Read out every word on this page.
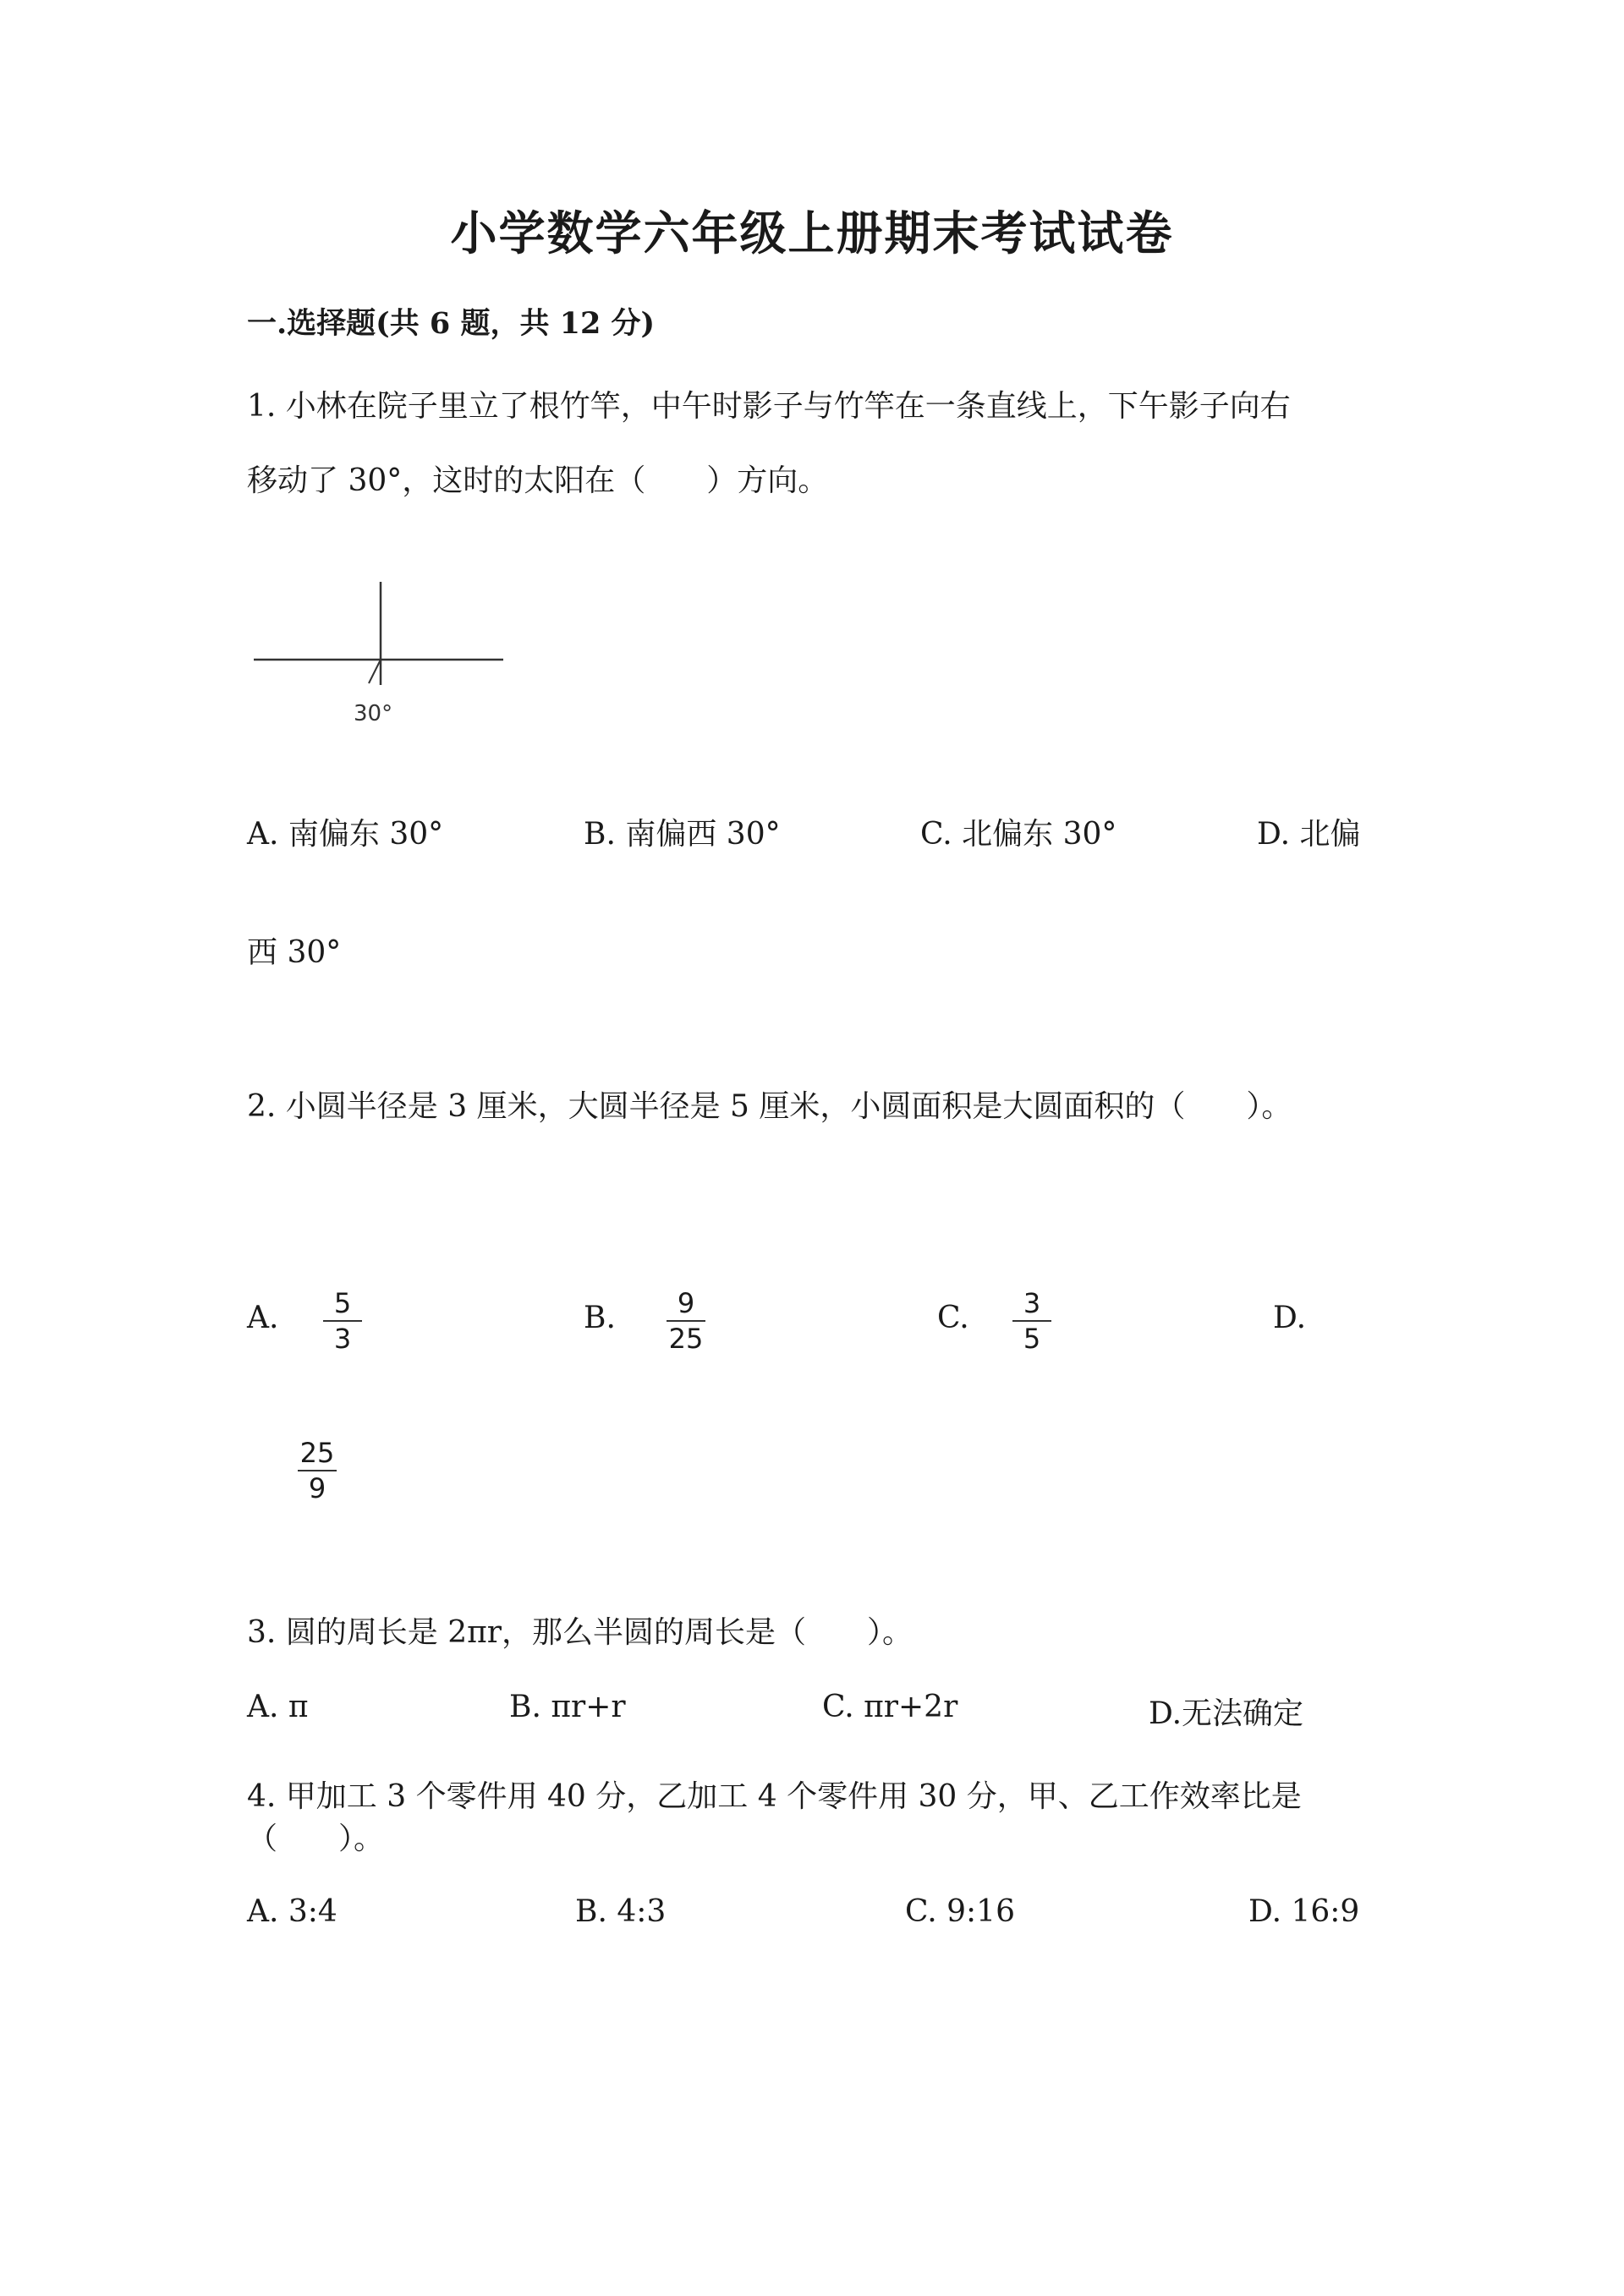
小学数学六年级上册期末考试试卷
一.选择题(共 6 题，共 12 分)
1. 小林在院子里立了根竹竿，中午时影子与竹竿在一条直线上，下午影子向右
移动了 30°，这时的太阳在（　　）方向。
30°
A. 南偏东 30°	B. 南偏西 30°	C. 北偏东 30°	D. 北偏
西 30°
2. 小圆半径是 3 厘米，大圆半径是 5 厘米，小圆面积是大圆面积的（　　）。
A.	5
3
B.	9
25
C.	3
5
D.
25
9
3. 圆的周长是 2πr，那么半圆的周长是（　　）。
A. π	B. πr+r	C. πr+2r	D.无法确定
4. 甲加工 3 个零件用 40 分，乙加工 4 个零件用 30 分，甲、乙工作效率比是
（　　）。
A. 3:4	B. 4:3	C. 9:16	D. 16:9
